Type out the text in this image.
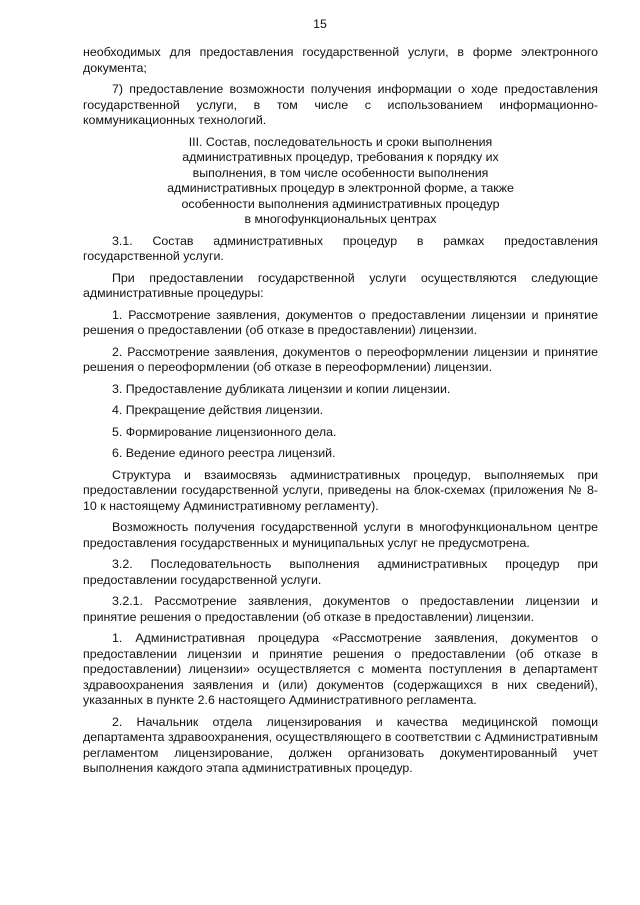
15

необходимых для предоставления государственной услуги, в форме электронного документа;

7) предоставление возможности получения информации о ходе предоставления государственной услуги, в том числе с использованием информационно-коммуникационных технологий.

III. Состав, последовательность и сроки выполнения
административных процедур, требования к порядку их
выполнения, в том числе особенности выполнения
административных процедур в электронной форме, а также
особенности выполнения административных процедур
в многофункциональных центрах

3.1. Состав административных процедур в рамках предоставления государственной услуги.

При предоставлении государственной услуги осуществляются следующие административные процедуры:

1. Рассмотрение заявления, документов о предоставлении лицензии и принятие решения о предоставлении (об отказе в предоставлении) лицензии.

2. Рассмотрение заявления, документов о переоформлении лицензии и принятие решения о переоформлении (об отказе в переоформлении) лицензии.

3. Предоставление дубликата лицензии и копии лицензии.

4. Прекращение действия лицензии.

5. Формирование лицензионного дела.

6. Ведение единого реестра лицензий.

Структура и взаимосвязь административных процедур, выполняемых при предоставлении государственной услуги, приведены на блок-схемах (приложения № 8-10 к настоящему Административному регламенту).

Возможность получения государственной услуги в многофункциональном центре предоставления государственных и муниципальных услуг не предусмотрена.

3.2. Последовательность выполнения административных процедур при предоставлении государственной услуги.

3.2.1. Рассмотрение заявления, документов о предоставлении лицензии и принятие решения о предоставлении (об отказе в предоставлении) лицензии.

1. Административная процедура «Рассмотрение заявления, документов о предоставлении лицензии и принятие решения о предоставлении (об отказе в предоставлении) лицензии» осуществляется с момента поступления в департамент здравоохранения заявления и (или) документов (содержащихся в них сведений), указанных в пункте 2.6 настоящего Административного регламента.

2. Начальник отдела лицензирования и качества медицинской помощи департамента здравоохранения, осуществляющего в соответствии с Административным регламентом лицензирование, должен организовать документированный учет выполнения каждого этапа административных процедур.
